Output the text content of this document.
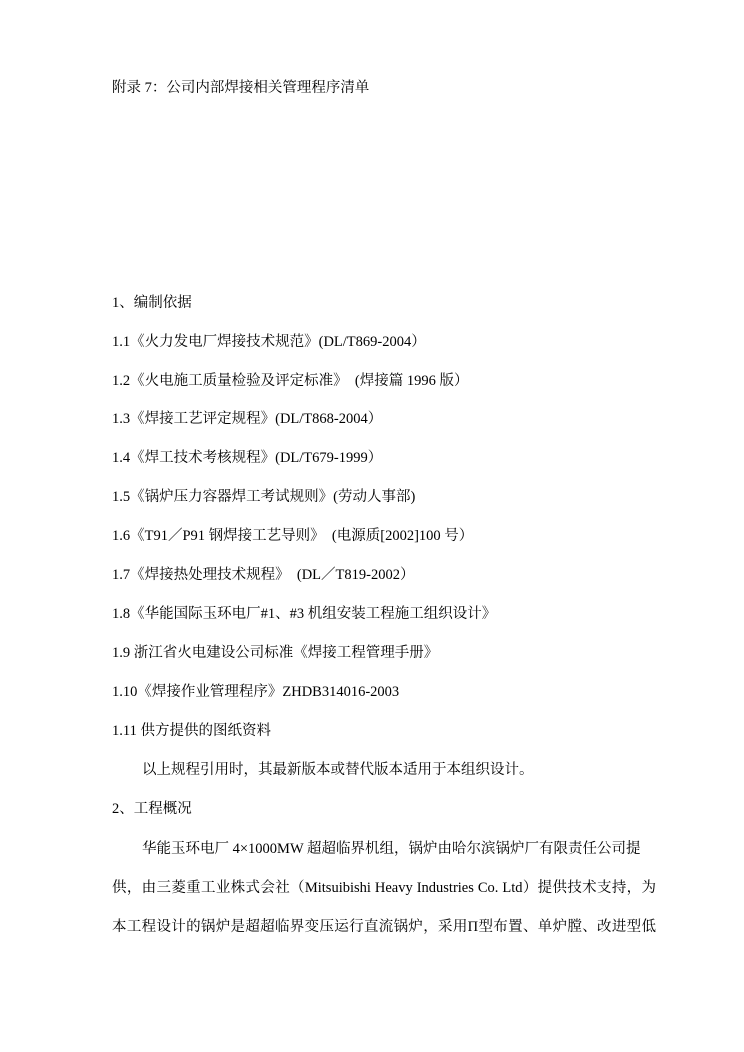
附录 7：公司内部焊接相关管理程序清单
1、编制依据
1.1《火力发电厂焊接技术规范》(DL/T869-2004）
1.2《火电施工质量检验及评定标准》　(焊接篇 1996 版）
1.3《焊接工艺评定规程》(DL/T868-2004）
1.4《焊工技术考核规程》(DL/T679-1999）
1.5《锅炉压力容器焊工考试规则》(劳动人事部)
1.6《T91／P91 钢焊接工艺导则》　(电源质[2002]100 号）
1.7《焊接热处理技术规程》　(DL／T819-2002）
1.8《华能国际玉环电厂#1、#3 机组安装工程施工组织设计》
1.9 浙江省火电建设公司标准《焊接工程管理手册》
1.10《焊接作业管理程序》ZHDB314016-2003
1.11 供方提供的图纸资料
以上规程引用时，其最新版本或替代版本适用于本组织设计。
2、工程概况
华能玉环电厂 4×1000MW 超超临界机组，锅炉由哈尔滨锅炉厂有限责任公司提
供，由三菱重工业株式会社（Mitsuibishi Heavy Industries Co. Ltd）提供技术支持，为
本工程设计的锅炉是超超临界变压运行直流锅炉，采用Π型布置、单炉膛、改进型低
